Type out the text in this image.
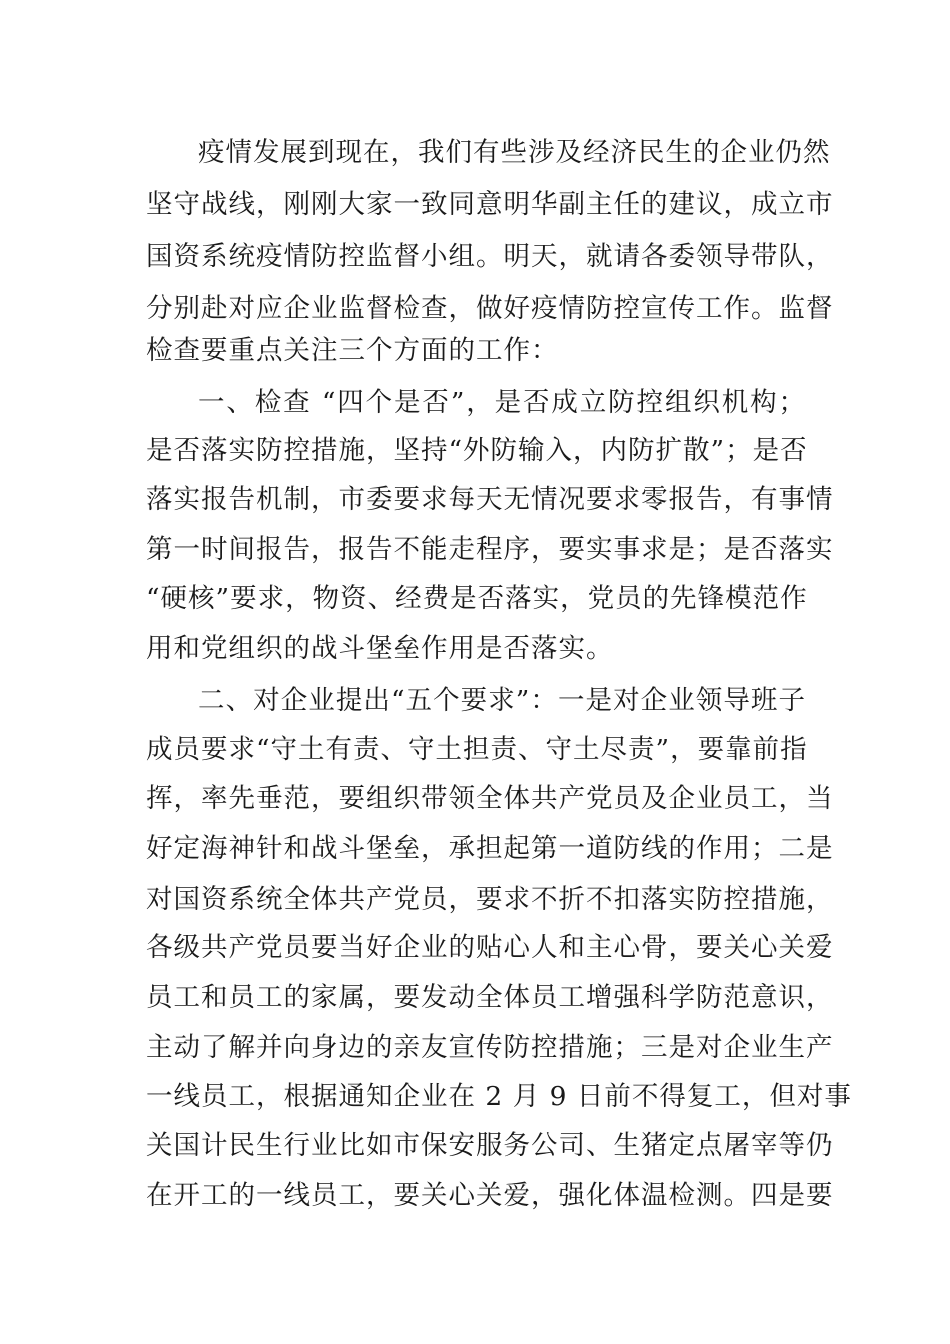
疫情发展到现在，我们有些涉及经济民生的企业仍然
坚守战线，刚刚大家一致同意明华副主任的建议，成立市
国资系统疫情防控监督小组。明天，就请各委领导带队，
分别赴对应企业监督检查，做好疫情防控宣传工作。监督
检查要重点关注三个方面的工作：
一、检查 “四个是否”，是否成立防控组织机构；
是否落实防控措施，坚持“外防输入，内防扩散”；是否
落实报告机制，市委要求每天无情况要求零报告，有事情
第一时间报告，报告不能走程序，要实事求是；是否落实
“硬核”要求，物资、经费是否落实，党员的先锋模范作
用和党组织的战斗堡垒作用是否落实。
二、对企业提出“五个要求”：一是对企业领导班子
成员要求“守土有责、守土担责、守土尽责”，要靠前指
挥，率先垂范，要组织带领全体共产党员及企业员工，当
好定海神针和战斗堡垒，承担起第一道防线的作用；二是
对国资系统全体共产党员，要求不折不扣落实防控措施，
各级共产党员要当好企业的贴心人和主心骨，要关心关爱
员工和员工的家属，要发动全体员工增强科学防范意识，
主动了解并向身边的亲友宣传防控措施；三是对企业生产
一线员工，根据通知企业在 2 月 9 日前不得复工，但对事
关国计民生行业比如市保安服务公司、生猪定点屠宰等仍
在开工的一线员工，要关心关爱，强化体温检测。四是要
